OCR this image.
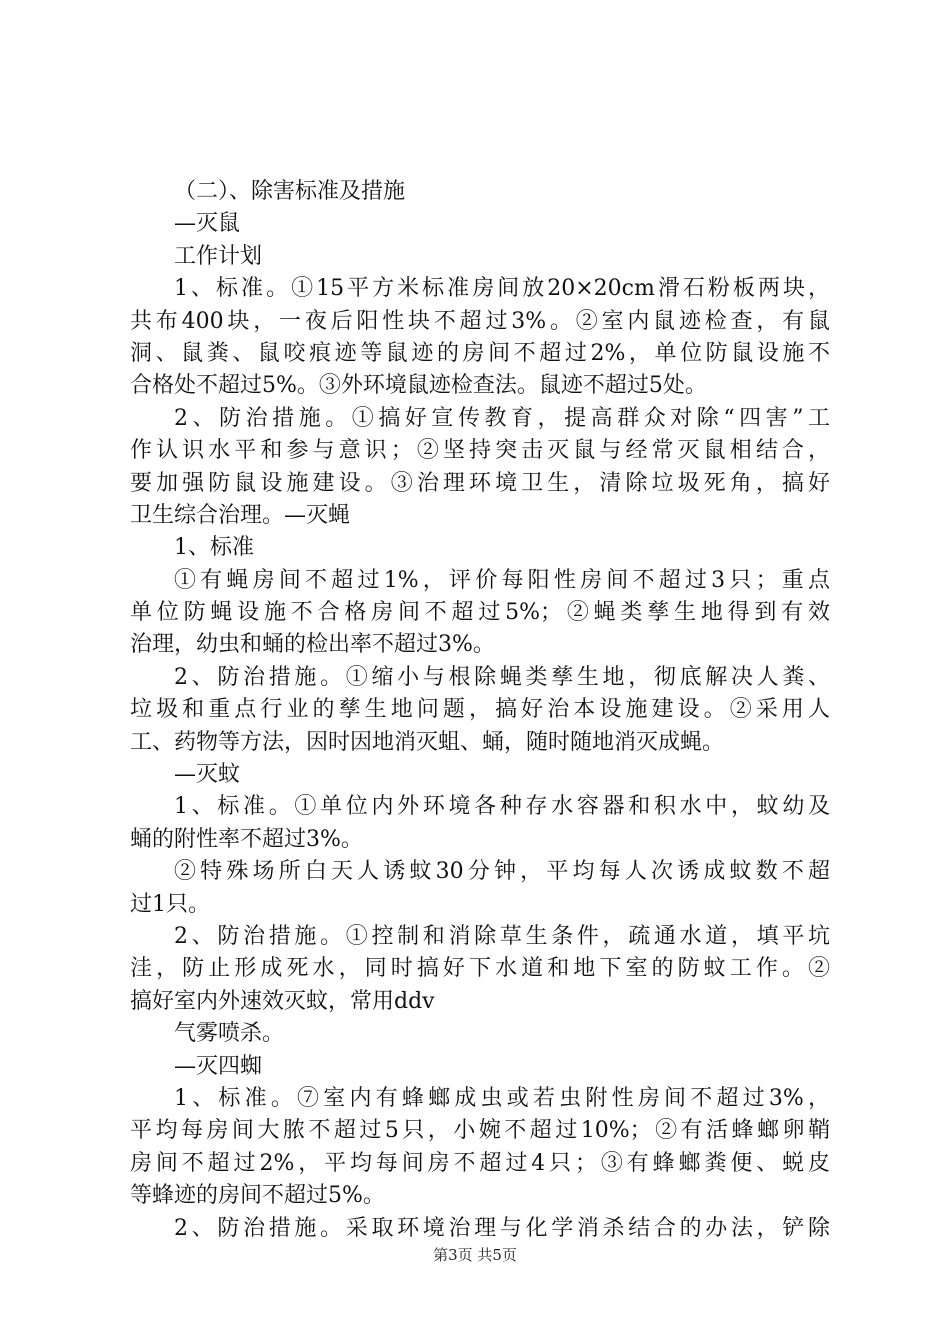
（二）、除害标准及措施
—灭鼠
工作计划
1、标准。①15平方米标准房间放20×20cm滑石粉板两块，
共布400块，一夜后阳性块不超过3%。②室内鼠迹检查，有鼠
洞、鼠粪、鼠咬痕迹等鼠迹的房间不超过2%，单位防鼠设施不
合格处不超过5%。③外环境鼠迹检查法。鼠迹不超过5处。
2、防治措施。①搞好宣传教育，提高群众对除“四害”工
作认识水平和参与意识；②坚持突击灭鼠与经常灭鼠相结合，
要加强防鼠设施建设。③治理环境卫生，清除垃圾死角，搞好
卫生综合治理。—灭蝇
1、标准
①有蝇房间不超过1%，评价每阳性房间不超过3只；重点
单位防蝇设施不合格房间不超过5%；②蝇类孳生地得到有效
治理，幼虫和蛹的检出率不超过3%。
2、防治措施。①缩小与根除蝇类孳生地，彻底解决人粪、
垃圾和重点行业的孳生地问题，搞好治本设施建设。②采用人
工、药物等方法，因时因地消灭蛆、蛹，随时随地消灭成蝇。
—灭蚊
1、标准。①单位内外环境各种存水容器和积水中，蚊幼及
蛹的附性率不超过3%。
②特殊场所白天人诱蚊30分钟，平均每人次诱成蚊数不超
过1只。
2、防治措施。①控制和消除草生条件，疏通水道，填平坑
洼，防止形成死水，同时搞好下水道和地下室的防蚊工作。②
搞好室内外速效灭蚊，常用ddv
气雾喷杀。
—灭四蜘
1、标准。⑦室内有蜂螂成虫或若虫附性房间不超过3%，
平均每房间大脓不超过5只，小婉不超过10%；②有活蜂螂卵鞘
房间不超过2%，平均每间房不超过4只；③有蜂螂粪便、蜕皮
等蜂迹的房间不超过5%。
2、防治措施。采取环境治理与化学消杀结合的办法，铲除
第3页 共5页
